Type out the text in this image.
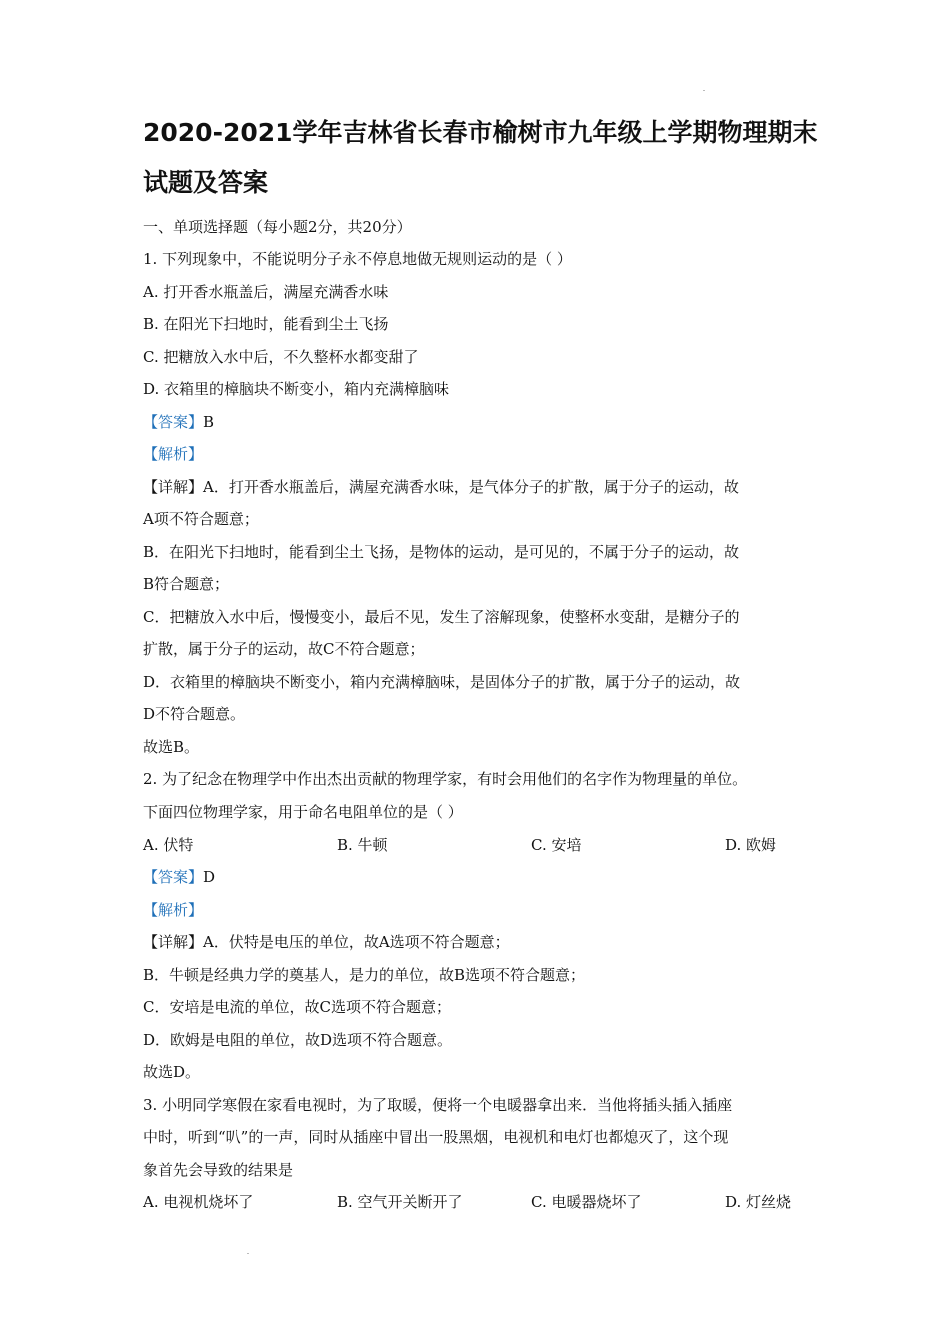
2020-2021学年吉林省长春市榆树市九年级上学期物理期末
试题及答案
一、单项选择题（每小题2分，共20分）
1. 下列现象中，不能说明分子永不停息地做无规则运动的是（ ）
A. 打开香水瓶盖后，满屋充满香水味
B. 在阳光下扫地时，能看到尘土飞扬
C. 把糖放入水中后，不久整杯水都变甜了
D. 衣箱里的樟脑块不断变小，箱内充满樟脑味
【答案】B
【解析】
【详解】A．打开香水瓶盖后，满屋充满香水味，是气体分子的扩散，属于分子的运动，故
A项不符合题意；
B．在阳光下扫地时，能看到尘土飞扬，是物体的运动，是可见的，不属于分子的运动，故
B符合题意；
C．把糖放入水中后，慢慢变小，最后不见，发生了溶解现象，使整杯水变甜，是糖分子的
扩散，属于分子的运动，故C不符合题意；
D．衣箱里的樟脑块不断变小，箱内充满樟脑味，是固体分子的扩散，属于分子的运动，故
D不符合题意。
故选B。
2. 为了纪念在物理学中作出杰出贡献的物理学家，有时会用他们的名字作为物理量的单位。
下面四位物理学家，用于命名电阻单位的是（ ）
A. 伏特	B. 牛顿	C. 安培	D. 欧姆
【答案】D
【解析】
【详解】A．伏特是电压的单位，故A选项不符合题意；
B．牛顿是经典力学的奠基人，是力的单位，故B选项不符合题意；
C．安培是电流的单位，故C选项不符合题意；
D．欧姆是电阻的单位，故D选项不符合题意。
故选D。
3. 小明同学寒假在家看电视时，为了取暖，便将一个电暖器拿出来．当他将插头插入插座
中时，听到“叭”的一声，同时从插座中冒出一股黑烟，电视机和电灯也都熄灭了，这个现
象首先会导致的结果是
A. 电视机烧坏了	B. 空气开关断开了	C. 电暖器烧坏了	D. 灯丝烧
